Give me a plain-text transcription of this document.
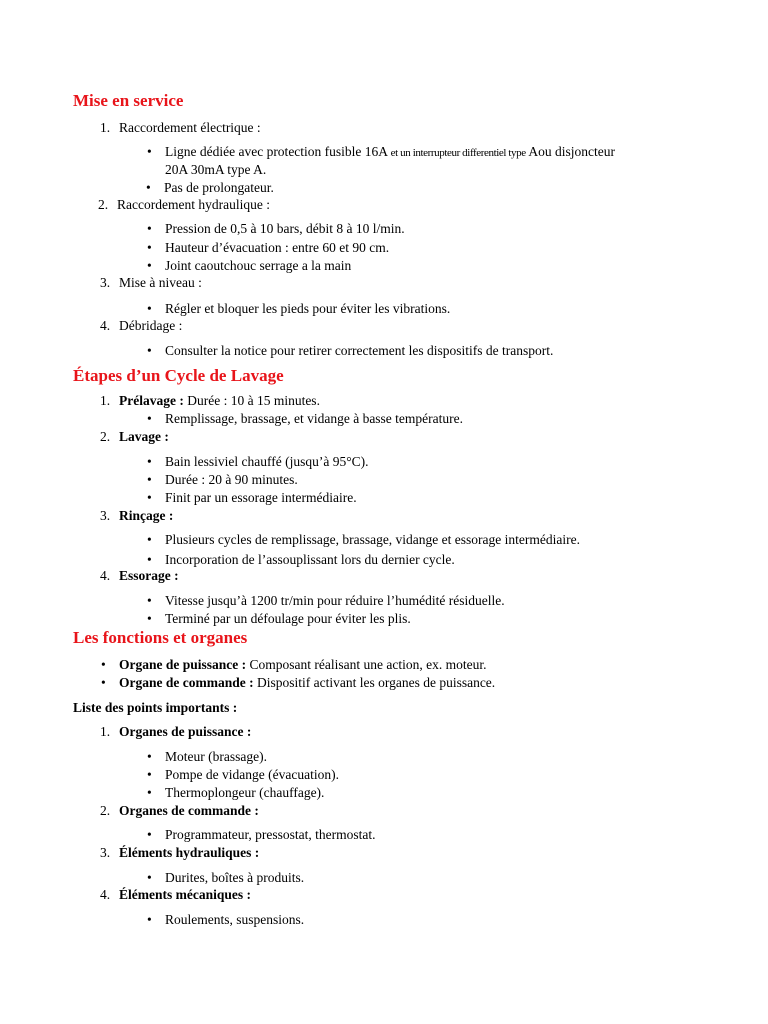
Mise en service
1. Raccordement électrique :
• Ligne dédiée avec protection fusible 16A et un interrupteur differentiel type Aou disjoncteur
20A 30mA type A.
• Pas de prolongateur.
2. Raccordement hydraulique :
• Pression de 0,5 à 10 bars, débit 8 à 10 l/min.
• Hauteur d’évacuation : entre 60 et 90 cm.
• Joint caoutchouc serrage a la main
3. Mise à niveau :
• Régler et bloquer les pieds pour éviter les vibrations.
4. Débridage :
• Consulter la notice pour retirer correctement les dispositifs de transport.
Étapes d’un Cycle de Lavage
1. Prélavage : Durée : 10 à 15 minutes.
• Remplissage, brassage, et vidange à basse température.
2. Lavage :
• Bain lessiviel chauffé (jusqu’à 95°C).
• Durée : 20 à 90 minutes.
• Finit par un essorage intermédiaire.
3. Rinçage :
• Plusieurs cycles de remplissage, brassage, vidange et essorage intermédiaire.
• Incorporation de l’assouplissant lors du dernier cycle.
4. Essorage :
• Vitesse jusqu’à 1200 tr/min pour réduire l’humédité résiduelle.
• Terminé par un défoulage pour éviter les plis.
Les fonctions et organes
• Organe de puissance : Composant réalisant une action, ex. moteur.
• Organe de commande : Dispositif activant les organes de puissance.
Liste des points importants :
1. Organes de puissance :
• Moteur (brassage).
• Pompe de vidange (évacuation).
• Thermoplongeur (chauffage).
2. Organes de commande :
• Programmateur, pressostat, thermostat.
3. Éléments hydrauliques :
• Durites, boîtes à produits.
4. Éléments mécaniques :
• Roulements, suspensions.
